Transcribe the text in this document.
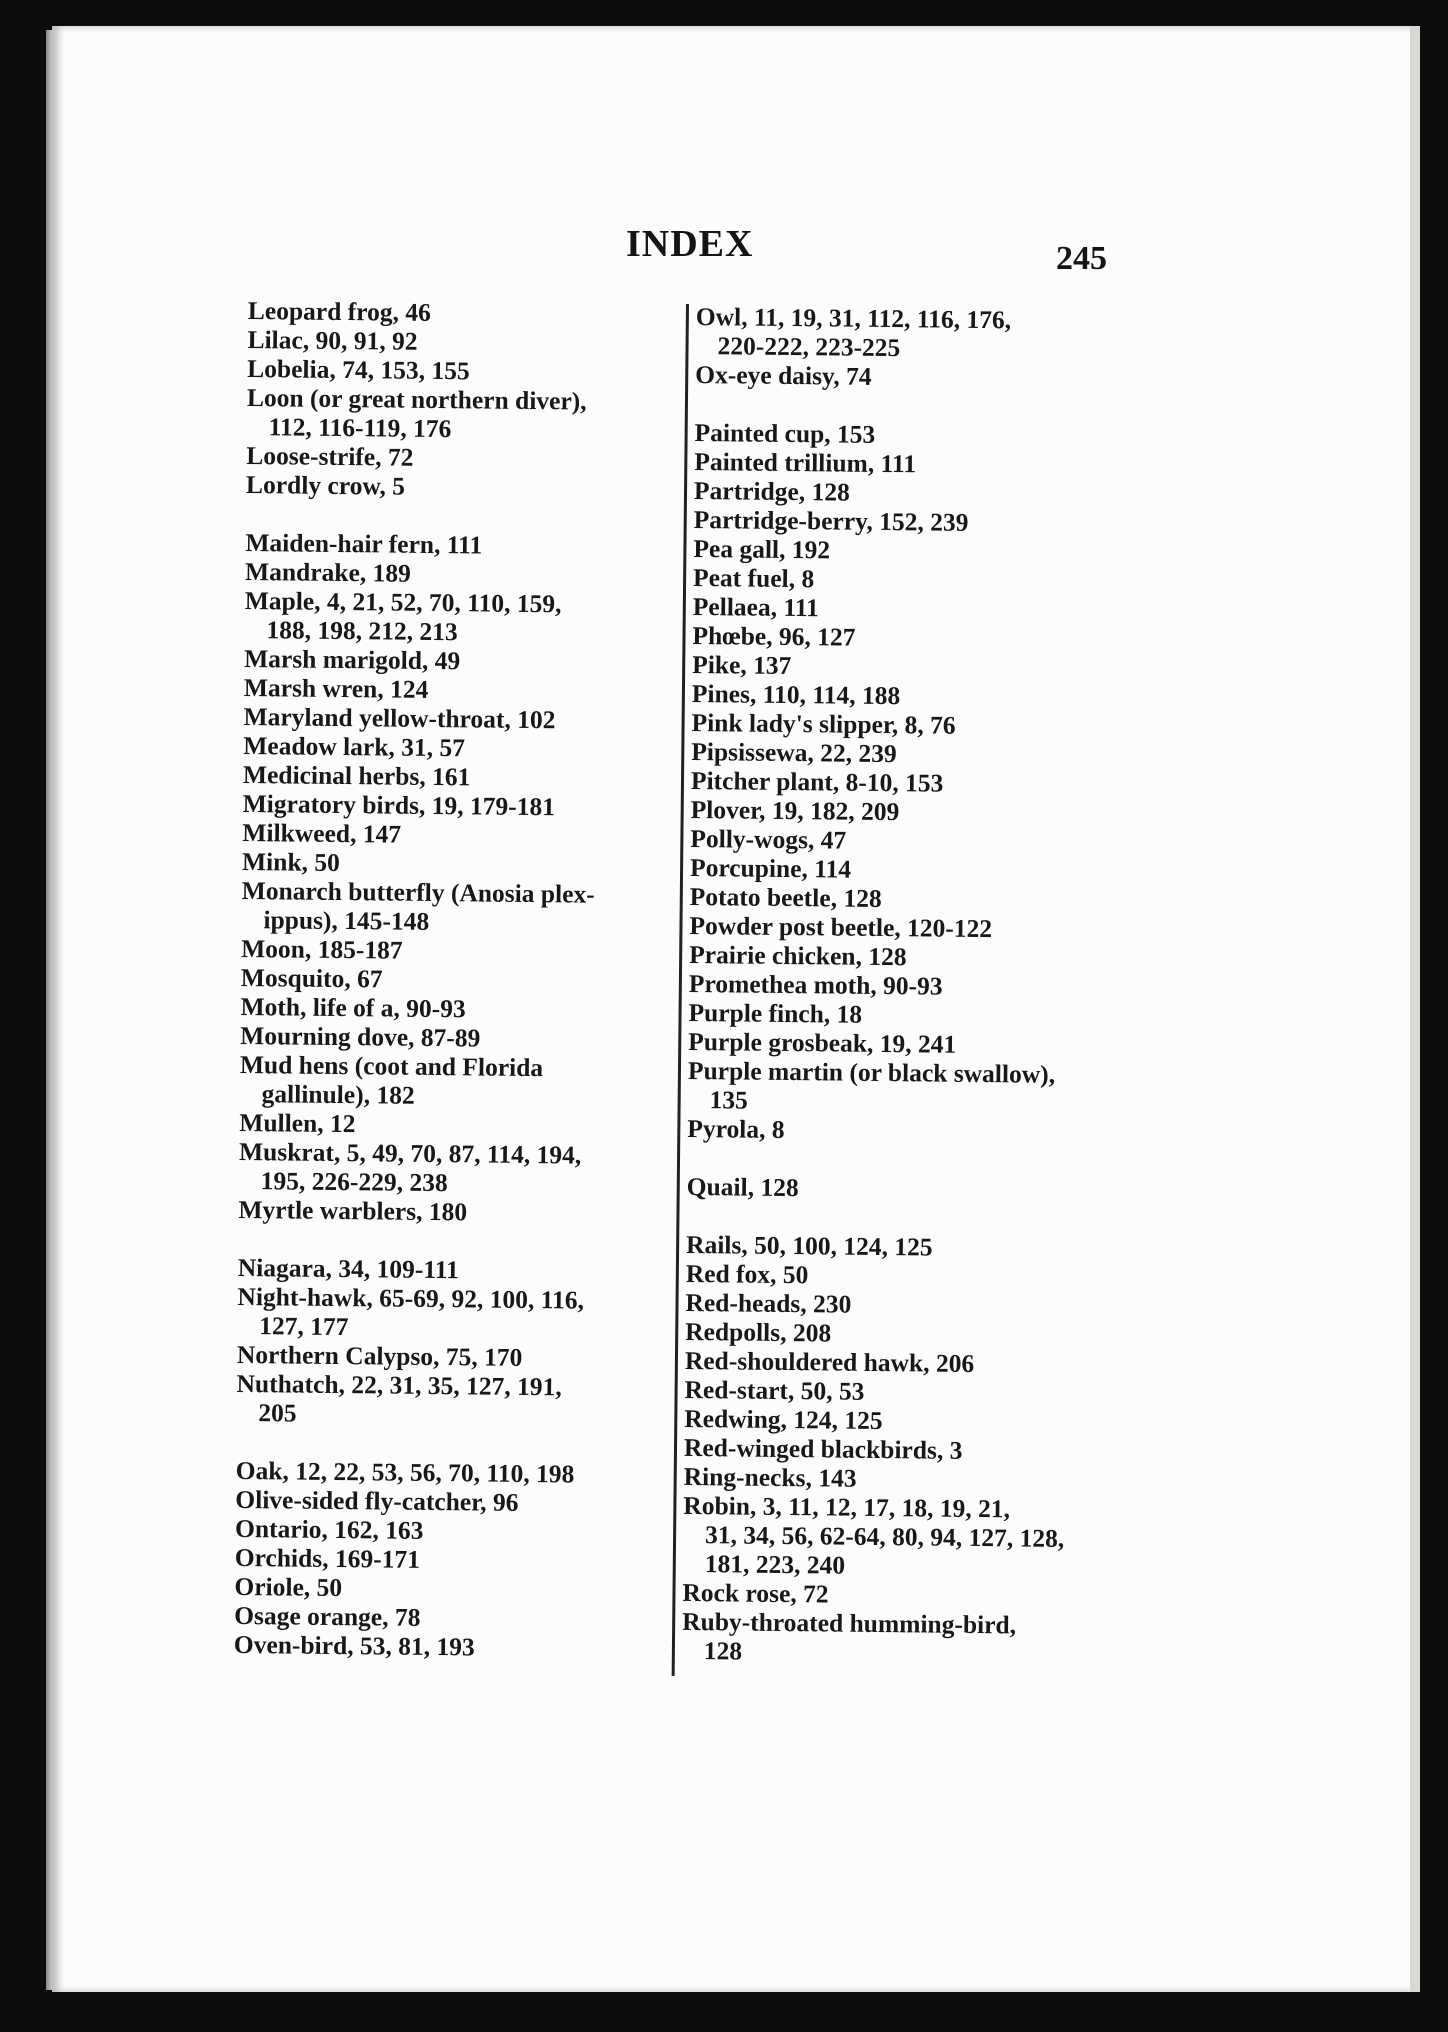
INDEX	245
Leopard frog, 46
Lilac, 90, 91, 92
Lobelia, 74, 153, 155
Loon (or great northern diver),
112, 116-119, 176
Loose-strife, 72
Lordly crow, 5
Maiden-hair fern, 111
Mandrake, 189
Maple, 4, 21, 52, 70, 110, 159,
188, 198, 212, 213
Marsh marigold, 49
Marsh wren, 124
Maryland yellow-throat, 102
Meadow lark, 31, 57
Medicinal herbs, 161
Migratory birds, 19, 179-181
Milkweed, 147
Mink, 50
Monarch butterfly (Anosia plex-
ippus), 145-148
Moon, 185-187
Mosquito, 67
Moth, life of a, 90-93
Mourning dove, 87-89
Mud hens (coot and Florida
gallinule), 182
Mullen, 12
Muskrat, 5, 49, 70, 87, 114, 194,
195, 226-229, 238
Myrtle warblers, 180
Niagara, 34, 109-111
Night-hawk, 65-69, 92, 100, 116,
127, 177
Northern Calypso, 75, 170
Nuthatch, 22, 31, 35, 127, 191,
205
Oak, 12, 22, 53, 56, 70, 110, 198
Olive-sided fly-catcher, 96
Ontario, 162, 163
Orchids, 169-171
Oriole, 50
Osage orange, 78
Oven-bird, 53, 81, 193
Owl, 11, 19, 31, 112, 116, 176,
220-222, 223-225
Ox-eye daisy, 74
Painted cup, 153
Painted trillium, 111
Partridge, 128
Partridge-berry, 152, 239
Pea gall, 192
Peat fuel, 8
Pellaea, 111
Phœbe, 96, 127
Pike, 137
Pines, 110, 114, 188
Pink lady's slipper, 8, 76
Pipsissewa, 22, 239
Pitcher plant, 8-10, 153
Plover, 19, 182, 209
Polly-wogs, 47
Porcupine, 114
Potato beetle, 128
Powder post beetle, 120-122
Prairie chicken, 128
Promethea moth, 90-93
Purple finch, 18
Purple grosbeak, 19, 241
Purple martin (or black swallow),
135
Pyrola, 8
Quail, 128
Rails, 50, 100, 124, 125
Red fox, 50
Red-heads, 230
Redpolls, 208
Red-shouldered hawk, 206
Red-start, 50, 53
Redwing, 124, 125
Red-winged blackbirds, 3
Ring-necks, 143
Robin, 3, 11, 12, 17, 18, 19, 21,
31, 34, 56, 62-64, 80, 94, 127, 128, 181, 223, 240
Rock rose, 72
Ruby-throated humming-bird,
128
